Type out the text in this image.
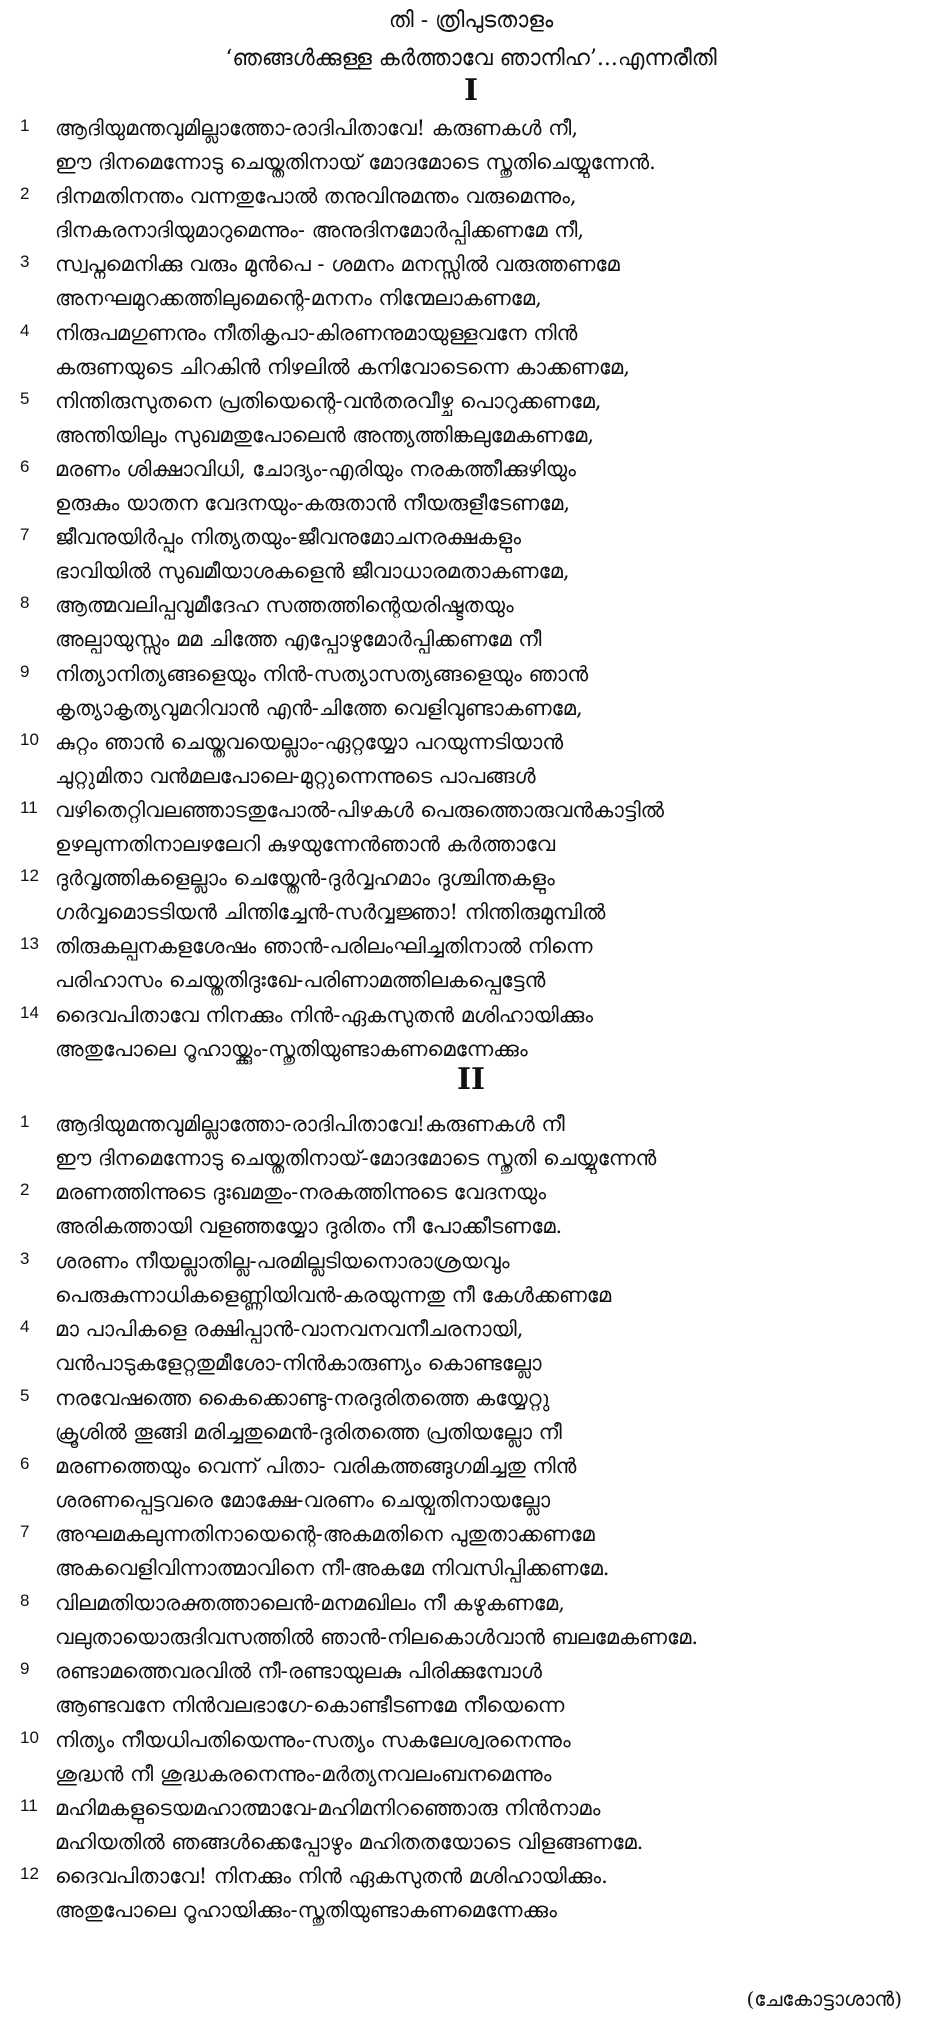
തി - ത്രിപുടതാളം
‘ഞങ്ങൾക്കുള്ള കർത്താവേ ഞാനിഹ’...എന്നരീതി
I
1	ആദിയുമന്തവുമില്ലാത്തോ-രാദിപിതാവേ! കരുണകൾ നീ,
ഈ ദിനമെന്നോടു ചെയ്തതിനായ് മോദമോടെ സ്തുതിചെയ്യുന്നേൻ.
2	ദിനമതിനന്തം വന്നതുപോൽ തനുവിനുമന്തം വരുമെന്നും,
ദിനകരനാദിയുമാറുമെന്നും- അനുദിനമോർപ്പിക്കണമേ നീ,
3	സ്വപ്നമെനിക്കു വരും മുൻപെ - ശമനം മനസ്സിൽ വരുത്തണമേ
അനഘമുറക്കത്തിലുമെന്റെ-മനനം നിന്മേലാകണമേ,
4	നിരുപമഗുണനും നീതികൃപാ-കിരണനുമായുള്ളവനേ നിൻ
കരുണയുടെ ചിറകിൻ നിഴലിൽ കനിവോടെന്നെ കാക്കണമേ,
5	നിന്തിരുസുതനെ പ്രതിയെന്റെ-വൻതരവീഴ്ച പൊറുക്കണമേ,
അന്തിയിലും സുഖമതുപോലെൻ അന്ത്യത്തിങ്കലുമേകണമേ,
6	മരണം ശിക്ഷാവിധി, ചോദ്യം-എരിയും നരകത്തീക്കുഴിയും
ഉരുകും യാതന വേദനയും-കരുതാൻ നീയരുളീടേണമേ,
7	ജീവനുയിർപ്പും നിത്യതയും-ജീവനുമോചനരക്ഷകളും
ഭാവിയിൽ സുഖമീയാശകളെൻ ജീവാധാരമതാകണമേ,
8	ആത്മവലിപ്പവുമീദേഹ സത്തത്തിന്റെയരിഷ്ടതയും
അല്പായുസ്സും മമ ചിത്തേ എപ്പോഴുമോർപ്പിക്കണമേ നീ
9	നിത്യാനിത്യങ്ങളെയും നിൻ-സത്യാസത്യങ്ങളെയും ഞാൻ
കൃത്യാകൃത്യവുമറിവാൻ എൻ-ചിത്തേ വെളിവുണ്ടാകണമേ,
10 കുറ്റം ഞാൻ ചെയ്തവയെല്ലാം-ഏറ്റയ്യോ പറയുന്നടിയാൻ
ചുറ്റുമിതാ വൻമലപോലെ-മുറ്റുന്നെന്നുടെ പാപങ്ങൾ
11 വഴിതെറ്റിവലഞ്ഞാടതുപോൽ-പിഴകൾ പെരുത്തൊരുവൻകാട്ടിൽ
ഉഴലുന്നതിനാലഴലേറി കുഴയുന്നേൻഞാൻ കർത്താവേ
12 ദുർവൃത്തികളെല്ലാം ചെയ്തേൻ-ദുർവ്വഹമാം ദുശ്ചിന്തകളും
ഗർവ്വമൊടടിയൻ ചിന്തിച്ചേൻ-സർവ്വജ്ഞാ! നിന്തിരുമുമ്പിൽ
13 തിരുകല്പനകളശേഷം ഞാൻ-പരിലംഘിച്ചതിനാൽ നിന്നെ
പരിഹാസം ചെയ്തതിദുഃഖേ-പരിണാമത്തിലകപ്പെട്ടേൻ
14 ദൈവപിതാവേ നിനക്കും നിൻ-ഏകസുതൻ മശിഹായിക്കും
അതുപോലെ റൂഹായ്ക്കും-സ്തുതിയുണ്ടാകണമെന്നേക്കും
II
1	ആദിയുമന്തവുമില്ലാത്തോ-രാദിപിതാവേ!കരുണകൾ നീ
ഈ ദിനമെന്നോടു ചെയ്തതിനായ്-മോദമോടെ സ്തുതി ചെയ്യുന്നേൻ
2	മരണത്തിന്നുടെ ദുഃഖമതും-നരകത്തിന്നുടെ വേദനയും
അരികത്തായി വളഞ്ഞയ്യോ ദുരിതം നീ പോക്കീടണമേ.
3	ശരണം നീയല്ലാതില്ല-പരമില്ലടിയനൊരാശ്രയവും
പെരുകുന്നാധികളെണ്ണിയിവൻ-കരയുന്നതു നീ കേൾക്കണമേ
4	മാ പാപികളെ രക്ഷിപ്പാൻ-വാനവനവനീചരനായി,
വൻപാടുകളേറ്റതുമീശോ-നിൻകാരുണ്യം കൊണ്ടല്ലോ
5	നരവേഷത്തെ കൈക്കൊണ്ടു-നരദുരിതത്തെ കയ്യേറ്റു
ക്രൂശിൽ തൂങ്ങി മരിച്ചതുമെൻ-ദുരിതത്തെ പ്രതിയല്ലോ നീ
6	മരണത്തെയും വെന്ന് പിതാ- വരികത്തങ്ങുഗമിച്ചതു നിൻ
ശരണപ്പെട്ടവരെ മോക്ഷേ-വരണം ചെയ്വതിനായല്ലോ
7	അഘമകലുന്നതിനായെന്റെ-അകമതിനെ പുതുതാക്കണമേ
അകവെളിവിന്നാത്മാവിനെ നീ-അകമേ നിവസിപ്പിക്കണമേ.
8	വിലമതിയാരക്തത്താലെൻ-മനമഖിലം നീ കഴുകണമേ,
വലുതായൊരുദിവസത്തിൽ ഞാൻ-നിലകൊൾവാൻ ബലമേകണമേ.
9	രണ്ടാമത്തെവരവിൽ നീ-രണ്ടായുലകു പിരിക്കുമ്പോൾ
ആണ്ടവനേ നിൻവലഭാഗേ-കൊണ്ടീടണമേ നീയെന്നെ
10 നിത്യം നീയധിപതിയെന്നും-സത്യം സകലേശ്വരനെന്നും
ശുദ്ധൻ നീ ശുദ്ധകരനെന്നും-മർത്യനവലംബനമെന്നും
11 മഹിമകളുടെയമഹാത്മാവേ-മഹിമനിറഞ്ഞൊരു നിൻനാമം
മഹിയതിൽ ഞങ്ങൾക്കെപ്പോഴും മഹിതതയോടെ വിളങ്ങണമേ.
12 ദൈവപിതാവേ! നിനക്കും നിൻ ഏകസുതൻ മശിഹായിക്കും.
അതുപോലെ റൂഹായിക്കും-സ്തുതിയുണ്ടാകണമെന്നേക്കും
(ചേകോട്ടാശാൻ)
